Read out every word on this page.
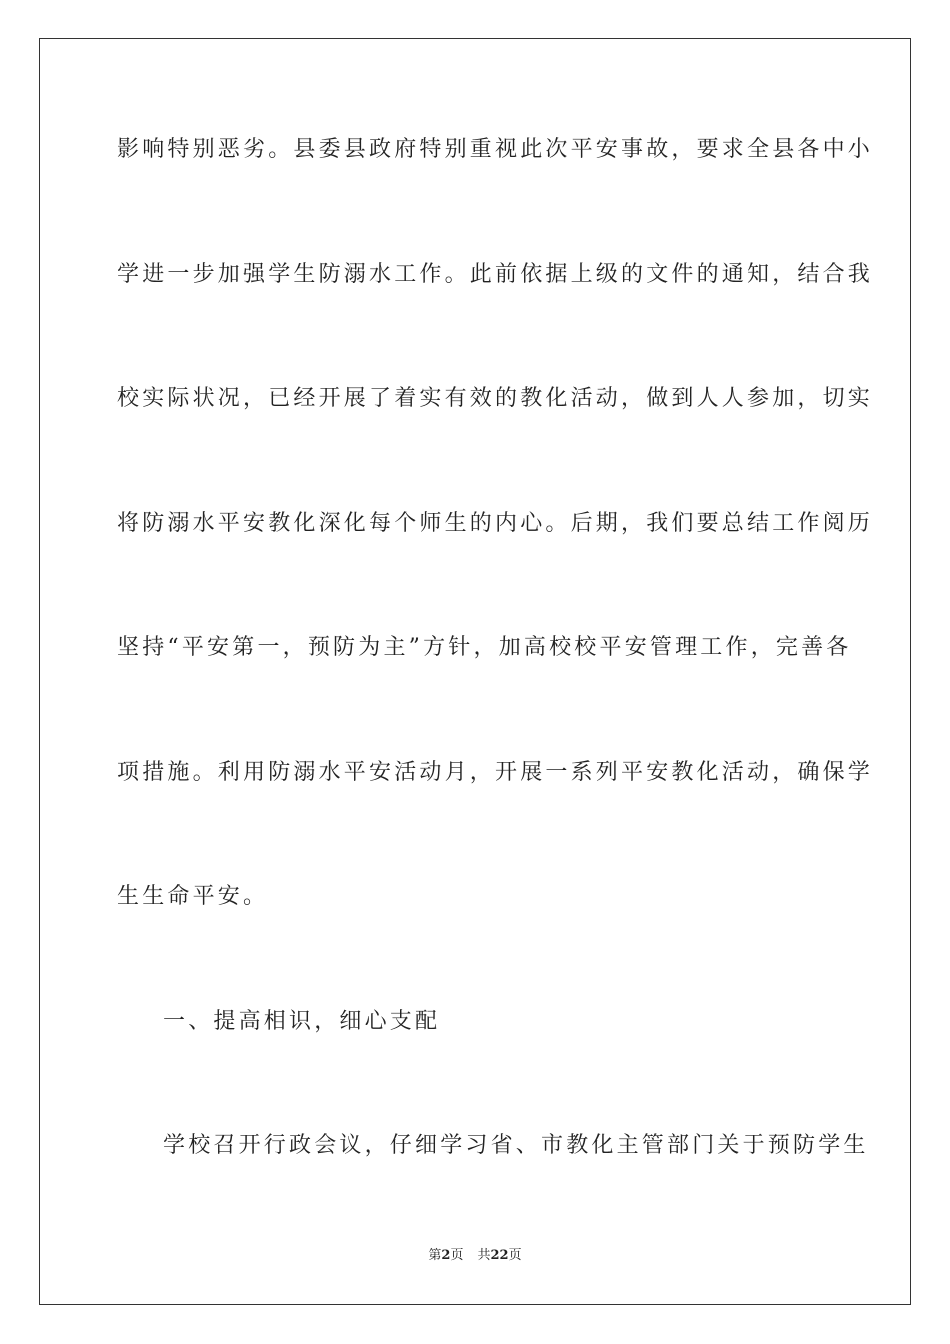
影响特别恶劣。县委县政府特别重视此次平安事故，要求全县各中小
学进一步加强学生防溺水工作。此前依据上级的文件的通知，结合我
校实际状况，已经开展了着实有效的教化活动，做到人人参加，切实
将防溺水平安教化深化每个师生的内心。后期，我们要总结工作阅历
坚持“平安第一，预防为主”方针，加高校校平安管理工作，完善各
项措施。利用防溺水平安活动月，开展一系列平安教化活动，确保学
生生命平安。
一、提高相识，细心支配
学校召开行政会议，仔细学习省、市教化主管部门关于预防学生
第2页 共22页
